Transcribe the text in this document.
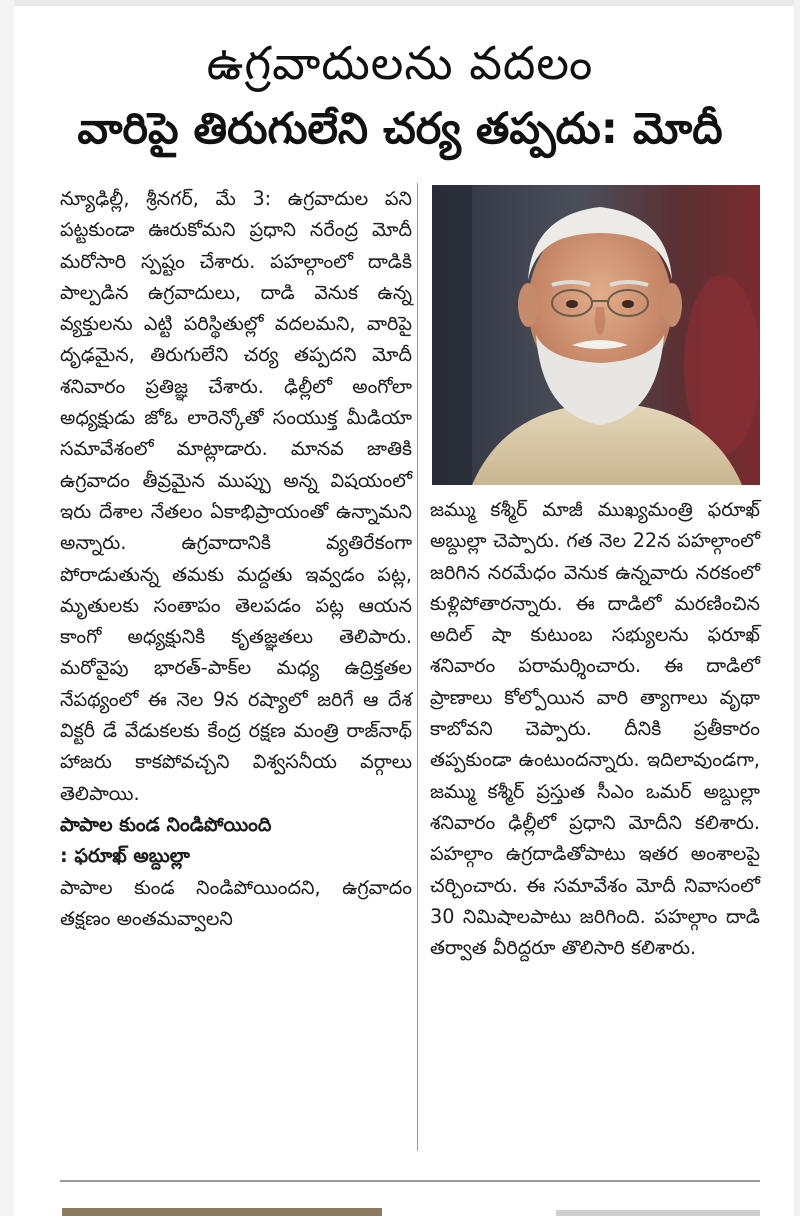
ఉగ్రవాదులను వదలం
వారిపై తిరుగులేని చర్య తప్పదు: మోదీ

న్యూఢిల్లీ, శ్రీనగర్, మే 3: ఉగ్రవాదుల పని పట్టకుండా ఊరుకోమని ప్రధాని నరేంద్ర మోదీ మరోసారి స్పష్టం చేశారు. పహల్గాంలో దాడికి పాల్పడిన ఉగ్రవాదులు, దాడి వెనుక ఉన్న వ్యక్తులను ఎట్టి పరిస్థితుల్లో వదలమని, వారిపై దృఢమైన, తిరుగులేని చర్య తప్పదని మోదీ శనివారం ప్రతిజ్ఞ చేశారు. ఢిల్లీలో అంగోలా అధ్యక్షుడు జోఓ లారెన్కోతో సంయుక్త మీడియా సమావేశంలో మాట్లాడారు. మానవ జాతికి ఉగ్రవాదం తీవ్రమైన ముప్పు అన్న విషయంలో ఇరు దేశాల నేతలం ఏకాభిప్రాయంతో ఉన్నామని అన్నారు. ఉగ్రవాదానికి వ్యతిరేకంగా పోరాడుతున్న తమకు మద్దతు ఇవ్వడం పట్ల, మృతులకు సంతాపం తెలపడం పట్ల ఆయన కాంగో అధ్యక్షునికి కృతజ్ఞతలు తెలిపారు. మరోవైపు భారత్-పాక్‌ల మధ్య ఉద్రిక్తతల నేపథ్యంలో ఈ నెల 9న రష్యాలో జరిగే ఆ దేశ విక్టరీ డే వేడుకలకు కేంద్ర రక్షణ మంత్రి రాజ్‌నాథ్ హాజరు కాకపోవచ్చని విశ్వసనీయ వర్గాలు తెలిపాయి.

పాపాల కుండ నిండిపోయింది

: ఫరూఖ్ అబ్దుల్లా

పాపాల కుండ నిండిపోయిందని, ఉగ్రవాదం తక్షణం అంతమవ్వాలని

జమ్ము కశ్మీర్ మాజీ ముఖ్యమంత్రి ఫరూఖ్ అబ్దుల్లా చెప్పారు. గత నెల 22న పహల్గాంలో జరిగిన నరమేధం వెనుక ఉన్నవారు నరకంలో కుళ్లిపోతారన్నారు. ఈ దాడిలో మరణించిన అదిల్ షా కుటుంబ సభ్యులను ఫరూఖ్ శనివారం పరామర్శించారు. ఈ దాడిలో ప్రాణాలు కోల్పోయిన వారి త్యాగాలు వృథా కాబోవని చెప్పారు. దీనికి ప్రతీకారం తప్పకుండా ఉంటుందన్నారు. ఇదిలావుండగా, జమ్ము కశ్మీర్ ప్రస్తుత సీఎం ఒమర్ అబ్దుల్లా శనివారం ఢిల్లీలో ప్రధాని మోదీని కలిశారు. పహల్గాం ఉగ్రదాడితోపాటు ఇతర అంశాలపై చర్చించారు. ఈ సమావేశం మోదీ నివాసంలో 30 నిమిషాలపాటు జరిగింది. పహల్గాం దాడి తర్వాత వీరిద్దరూ తొలిసారి కలిశారు.
